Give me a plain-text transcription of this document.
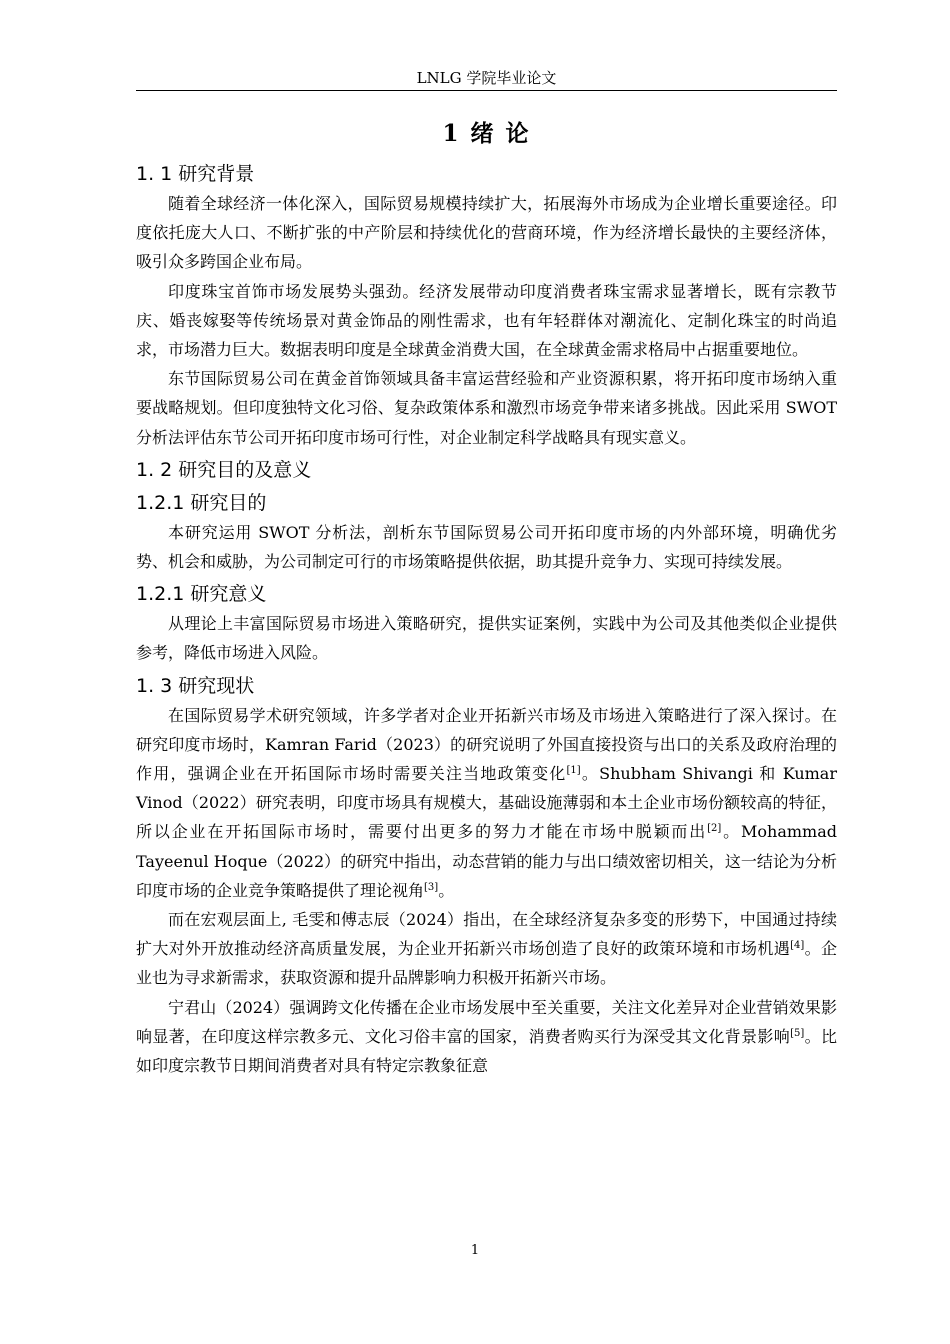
LNLG 学院毕业论文
1 绪 论
1. 1 研究背景

随着全球经济一体化深入，国际贸易规模持续扩大，拓展海外市场成为企业增长重要途径。印度依托庞大人口、不断扩张的中产阶层和持续优化的营商环境，作为经济增长最快的主要经济体，吸引众多跨国企业布局。

印度珠宝首饰市场发展势头强劲。经济发展带动印度消费者珠宝需求显著增长，既有宗教节庆、婚丧嫁娶等传统场景对黄金饰品的刚性需求，也有年轻群体对潮流化、定制化珠宝的时尚追求，市场潜力巨大。数据表明印度是全球黄金消费大国，在全球黄金需求格局中占据重要地位。

东节国际贸易公司在黄金首饰领域具备丰富运营经验和产业资源积累，将开拓印度市场纳入重要战略规划。但印度独特文化习俗、复杂政策体系和激烈市场竞争带来诸多挑战。因此采用 SWOT 分析法评估东节公司开拓印度市场可行性，对企业制定科学战略具有现实意义。

1. 2 研究目的及意义
1.2.1 研究目的

本研究运用 SWOT 分析法，剖析东节国际贸易公司开拓印度市场的内外部环境，明确优劣势、机会和威胁，为公司制定可行的市场策略提供依据，助其提升竞争力、实现可持续发展。

1.2.1 研究意义

从理论上丰富国际贸易市场进入策略研究，提供实证案例，实践中为公司及其他类似企业提供参考，降低市场进入风险。

1. 3 研究现状

在国际贸易学术研究领域，许多学者对企业开拓新兴市场及市场进入策略进行了深入探讨。在研究印度市场时，Kamran Farid（2023）的研究说明了外国直接投资与出口的关系及政府治理的作用，强调企业在开拓国际市场时需要关注当地政策变化[1]。Shubham Shivangi 和 Kumar Vinod（2022）研究表明，印度市场具有规模大，基础设施薄弱和本土企业市场份额较高的特征，所以企业在开拓国际市场时，需要付出更多的努力才能在市场中脱颖而出[2]。Mohammad Tayeenul Hoque（2022）的研究中指出，动态营销的能力与出口绩效密切相关，这一结论为分析印度市场的企业竞争策略提供了理论视角[3]。

而在宏观层面上, 毛雯和傅志辰（2024）指出，在全球经济复杂多变的形势下，中国通过持续扩大对外开放推动经济高质量发展，为企业开拓新兴市场创造了良好的政策环境和市场机遇[4]。企业也为寻求新需求，获取资源和提升品牌影响力积极开拓新兴市场。

宁君山（2024）强调跨文化传播在企业市场发展中至关重要，关注文化差异对企业营销效果影响显著，在印度这样宗教多元、文化习俗丰富的国家，消费者购买行为深受其文化背景影响[5]。比如印度宗教节日期间消费者对具有特定宗教象征意

1
